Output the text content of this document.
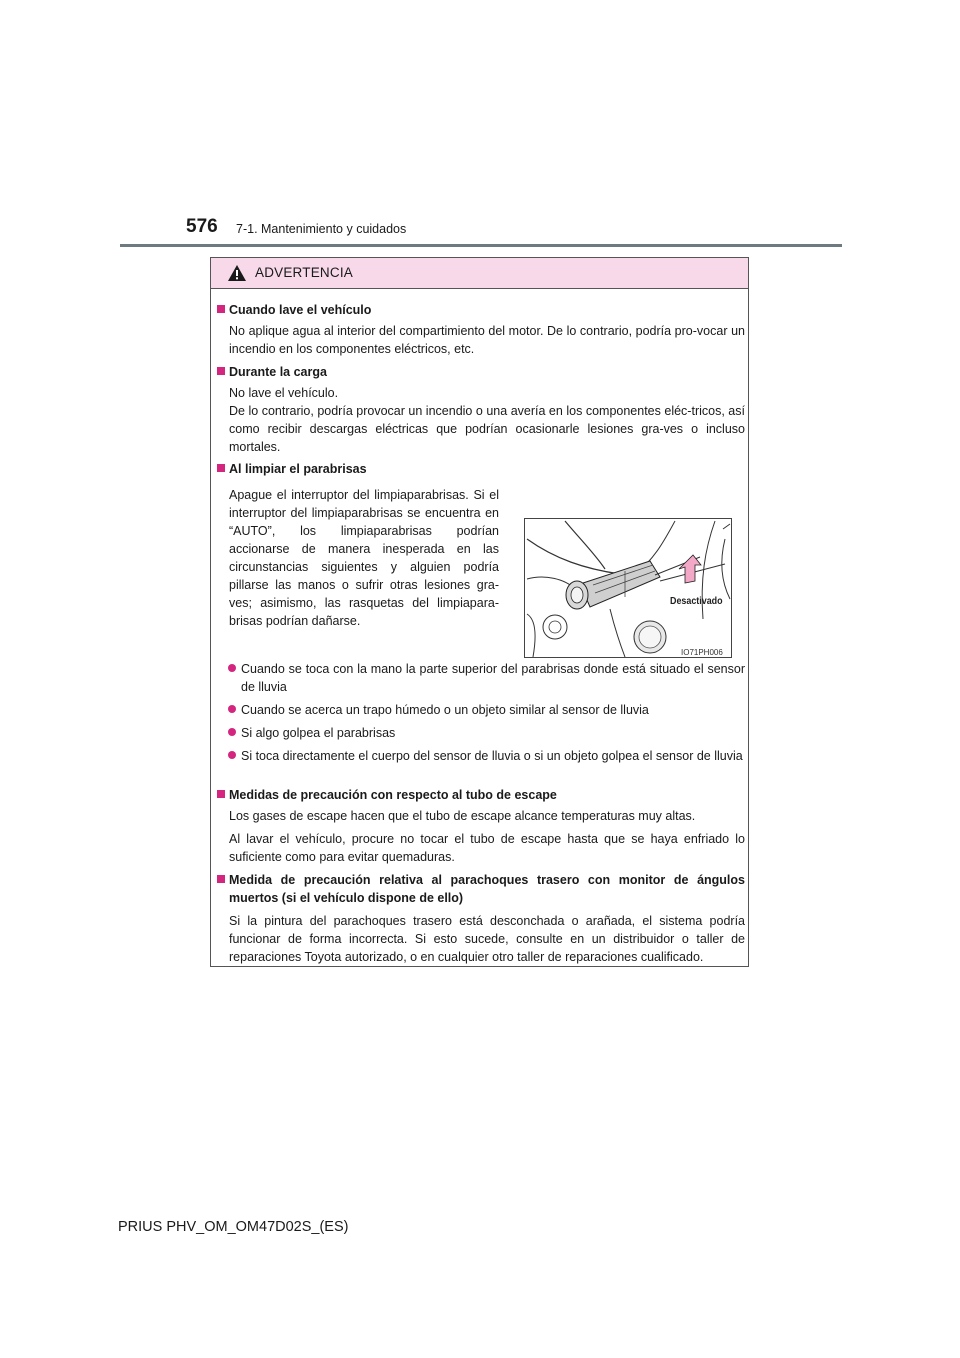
576 7-1. Mantenimiento y cuidados
ADVERTENCIA
Cuando lave el vehículo
No aplique agua al interior del compartimiento del motor. De lo contrario, podría pro-vocar un incendio en los componentes eléctricos, etc.
Durante la carga
No lave el vehículo.
De lo contrario, podría provocar un incendio o una avería en los componentes eléc-tricos, así como recibir descargas eléctricas que podrían ocasionarle lesiones gra-ves o incluso mortales.
Al limpiar el parabrisas
Apague el interruptor del limpiaparabrisas. Si el interruptor del limpiaparabrisas se encuentra en “AUTO”, los limpiaparabrisas podrían accionarse de manera inesperada en las circunstancias siguientes y alguien podría pillarse las manos o sufrir otras lesiones gra-ves; asimismo, las rasquetas del limpiapara-brisas podrían dañarse.
Desactivado
IO71PH006
Cuando se toca con la mano la parte superior del parabrisas donde está situado el sensor de lluvia
Cuando se acerca un trapo húmedo o un objeto similar al sensor de lluvia
Si algo golpea el parabrisas
Si toca directamente el cuerpo del sensor de lluvia o si un objeto golpea el sensor de lluvia
Medidas de precaución con respecto al tubo de escape
Los gases de escape hacen que el tubo de escape alcance temperaturas muy altas.
Al lavar el vehículo, procure no tocar el tubo de escape hasta que se haya enfriado lo suficiente como para evitar quemaduras.
Medida de precaución relativa al parachoques trasero con monitor de ángulos muertos (si el vehículo dispone de ello)
Si la pintura del parachoques trasero está desconchada o arañada, el sistema podría funcionar de forma incorrecta. Si esto sucede, consulte en un distribuidor o taller de reparaciones Toyota autorizado, o en cualquier otro taller de reparaciones cualificado.
PRIUS PHV_OM_OM47D02S_(ES)
